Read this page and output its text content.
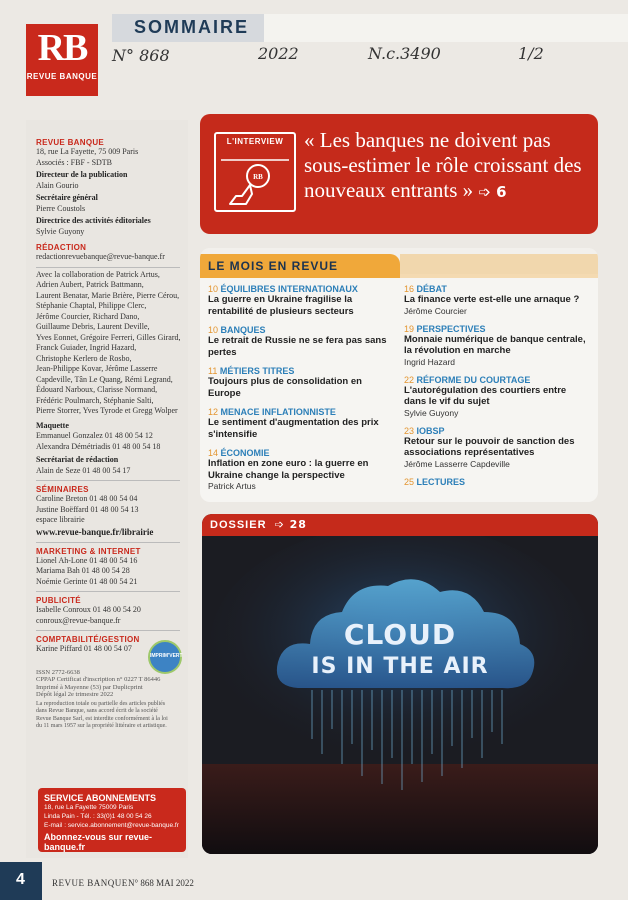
SOMMAIRE
RB
REVUE BANQUE
N° 868	2022	N.c.3490	1/2
REVUE BANQUE
18, rue La Fayette, 75 009 Paris
Associés : FBF - SDTB
Directeur de la publication
Alain Gourio
Secrétaire général
Pierre Coustols
Directrice des activités éditoriales
Sylvie Guyony
RÉDACTION
redactionrevuebanque@revue-banque.fr
Avec la collaboration de Patrick Artus,
Adrien Aubert, Patrick Battmann,
Laurent Benatar, Marie Brière, Pierre Cérou,
Stéphanie Chaptal, Philippe Clerc,
Jérôme Courcier, Richard Dano,
Guillaume Debris, Laurent Deville,
Yves Eonnet, Grégoire Ferreri, Gilles Girard,
Franck Guiader, Ingrid Hazard,
Christophe Kerlero de Rosbo,
Jean-Philippe Kovar, Jérôme Lasserre
Capdeville, Tân Le Quang, Rémi Legrand,
Édouard Narboux, Clarisse Normand,
Frédéric Poulmarch, Stéphanie Salti,
Pierre Storrer, Yves Tyrode et Gregg Wolper
Maquette
Emmanuel Gonzalez 01 48 00 54 12
Alexandra Démétriadis 01 48 00 54 18
Secrétariat de rédaction
Alain de Seze 01 48 00 54 17
SÉMINAIRES
Caroline Breton 01 48 00 54 04
Justine Boëffard 01 48 00 54 13
espace librairie
www.revue-banque.fr/librairie
MARKETING & INTERNET
Lionel Ah-Lone 01 48 00 54 16
Mariama Bah 01 48 00 54 28
Noémie Gerinte 01 48 00 54 21
PUBLICITÉ
Isabelle Conroux 01 48 00 54 20
conroux@revue-banque.fr
COMPTABILITÉ/GESTION
Karine Piffard 01 48 00 54 07
ISSN 2772-6638
CPPAP Certificat d'inscription n° 0227 T 86446
Imprimé à Mayenne (53) par Duplicprint
Dépôt légal 2e trimestre 2022
La reproduction totale ou partielle des articles publiés
dans Revue Banque, sans accord écrit de la société
Revue Banque Sarl, est interdite conformément à la loi
du 11 mars 1957 sur la propriété littéraire et artistique.
IMPRIM'VERT
SERVICE ABONNEMENTS
18, rue La Fayette 75009 Paris
Linda Pain - Tél. : 33(0)1 48 00 54 26
E-mail : service.abonnement@revue-banque.fr
Abonnez-vous sur revue-banque.fr
L'INTERVIEW
RB
« Les banques ne doivent pas sous-estimer le rôle croissant des nouveaux entrants » ➩ 6
LE MOIS EN REVUE
10 ÉQUILIBRES INTERNATIONAUX
La guerre en Ukraine fragilise la rentabilité de plusieurs secteurs
10 BANQUES
Le retrait de Russie ne se fera pas sans pertes
11 MÉTIERS TITRES
Toujours plus de consolidation en Europe
12 MENACE INFLATIONNISTE
Le sentiment d'augmentation des prix s'intensifie
14 ÉCONOMIE
Inflation en zone euro : la guerre en Ukraine change la perspective
Patrick Artus
16 DÉBAT
La finance verte est-elle une arnaque ?
Jérôme Courcier
19 PERSPECTIVES
Monnaie numérique de banque centrale, la révolution en marche
Ingrid Hazard
22 RÉFORME DU COURTAGE
L'autorégulation des courtiers entre dans le vif du sujet
Sylvie Guyony
23 IOBSP
Retour sur le pouvoir de sanction des associations représentatives
Jérôme Lasserre Capdeville
25 LECTURES
DOSSIER ➩ 28
CLOUD
IS IN THE AIR
4	REVUE BANQUE N° 868 MAI 2022
